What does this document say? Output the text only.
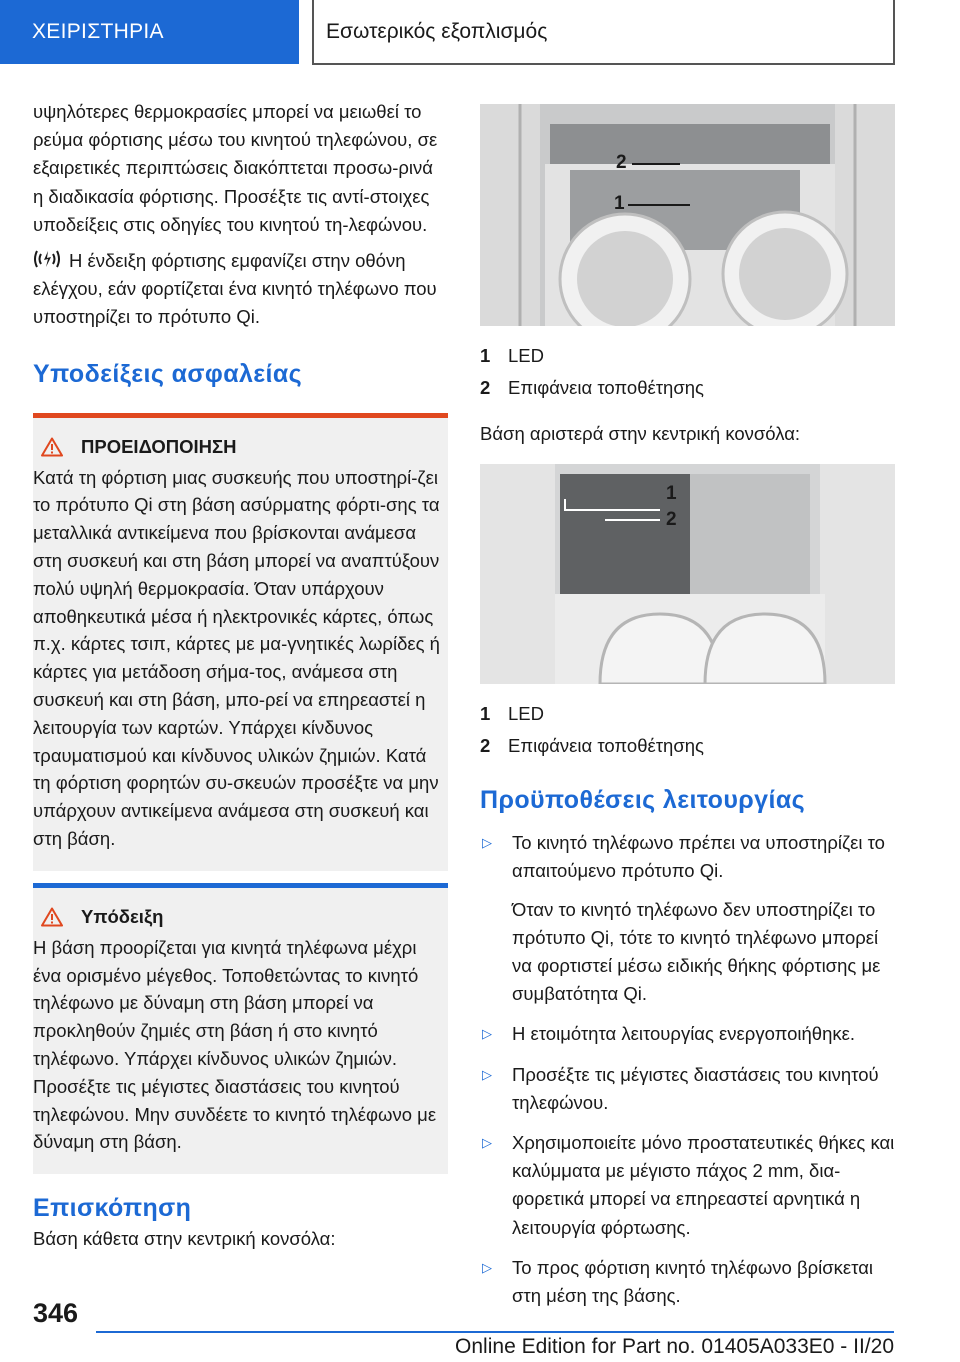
ΧΕΙΡΙΣΤΗΡΙΑ	Εσωτερικός εξοπλισμός

υψηλότερες θερμοκρασίες μπορεί να μειωθεί το ρεύμα φόρτισης μέσω του κινητού τηλεφώνου, σε εξαιρετικές περιπτώσεις διακόπτεται προσω-ρινά η διαδικασία φόρτισης. Προσέξτε τις αντί-στοιχες υποδείξεις στις οδηγίες του κινητού τη-λεφώνου.

Η ένδειξη φόρτισης εμφανίζει στην οθόνη ελέγχου, εάν φορτίζεται ένα κινητό τηλέφωνο που υποστηρίζει το πρότυπο Qi.

Υποδείξεις ασφαλείας
ΠΡΟΕΙΔΟΠΟΙΗΣΗ

Κατά τη φόρτιση μιας συσκευής που υποστηρί-ζει το πρότυπο Qi στη βάση ασύρματης φόρτι-σης τα μεταλλικά αντικείμενα που βρίσκονται ανάμεσα στη συσκευή και στη βάση μπορεί να αναπτύξουν πολύ υψηλή θερμοκρασία. Όταν υπάρχουν αποθηκευτικά μέσα ή ηλεκτρονικές κάρτες, όπως π.χ. κάρτες τσιπ, κάρτες με μα-γνητικές λωρίδες ή κάρτες για μετάδοση σήμα-τος, ανάμεσα στη συσκευή και στη βάση, μπο-ρεί να επηρεαστεί η λειτουργία των καρτών. Υπάρχει κίνδυνος τραυματισμού και κίνδυνος υλικών ζημιών. Κατά τη φόρτιση φορητών συ-σκευών προσέξτε να μην υπάρχουν αντικείμενα ανάμεσα στη συσκευή και στη βάση.

Υπόδειξη

Η βάση προορίζεται για κινητά τηλέφωνα μέχρι ένα ορισμένο μέγεθος. Τοποθετώντας το κινητό τηλέφωνο με δύναμη στη βάση μπορεί να προκληθούν ζημιές στη βάση ή στο κινητό τηλέφωνο. Υπάρχει κίνδυνος υλικών ζημιών. Προσέξτε τις μέγιστες διαστάσεις του κινητού τηλεφώνου. Μην συνδέετε το κινητό τηλέφωνο με δύναμη στη βάση.

Επισκόπηση

Βάση κάθετα στην κεντρική κονσόλα:

2
1
1 LED
2 Επιφάνεια τοποθέτησης

Βάση αριστερά στην κεντρική κονσόλα:

1
2
1 LED
2 Επιφάνεια τοποθέτησης
Προϋποθέσεις λειτουργίας
▷	Το κινητό τηλέφωνο πρέπει να υποστηρίζει το απαιτούμενο πρότυπο Qi.
Όταν το κινητό τηλέφωνο δεν υποστηρίζει το πρότυπο Qi, τότε το κινητό τηλέφωνο μπορεί να φορτιστεί μέσω ειδικής θήκης φόρτισης με συμβατότητα Qi.
▷	Η ετοιμότητα λειτουργίας ενεργοποιήθηκε.
▷	Προσέξτε τις μέγιστες διαστάσεις του κινητού τηλεφώνου.
▷	Χρησιμοποιείτε μόνο προστατευτικές θήκες και καλύμματα με μέγιστο πάχος 2 mm, δια-φορετικά μπορεί να επηρεαστεί αρνητικά η λειτουργία φόρτωσης.
▷	Το προς φόρτιση κινητό τηλέφωνο βρίσκεται στη μέση της βάσης.
346
Online Edition for Part no. 01405A033E0 - II/20
